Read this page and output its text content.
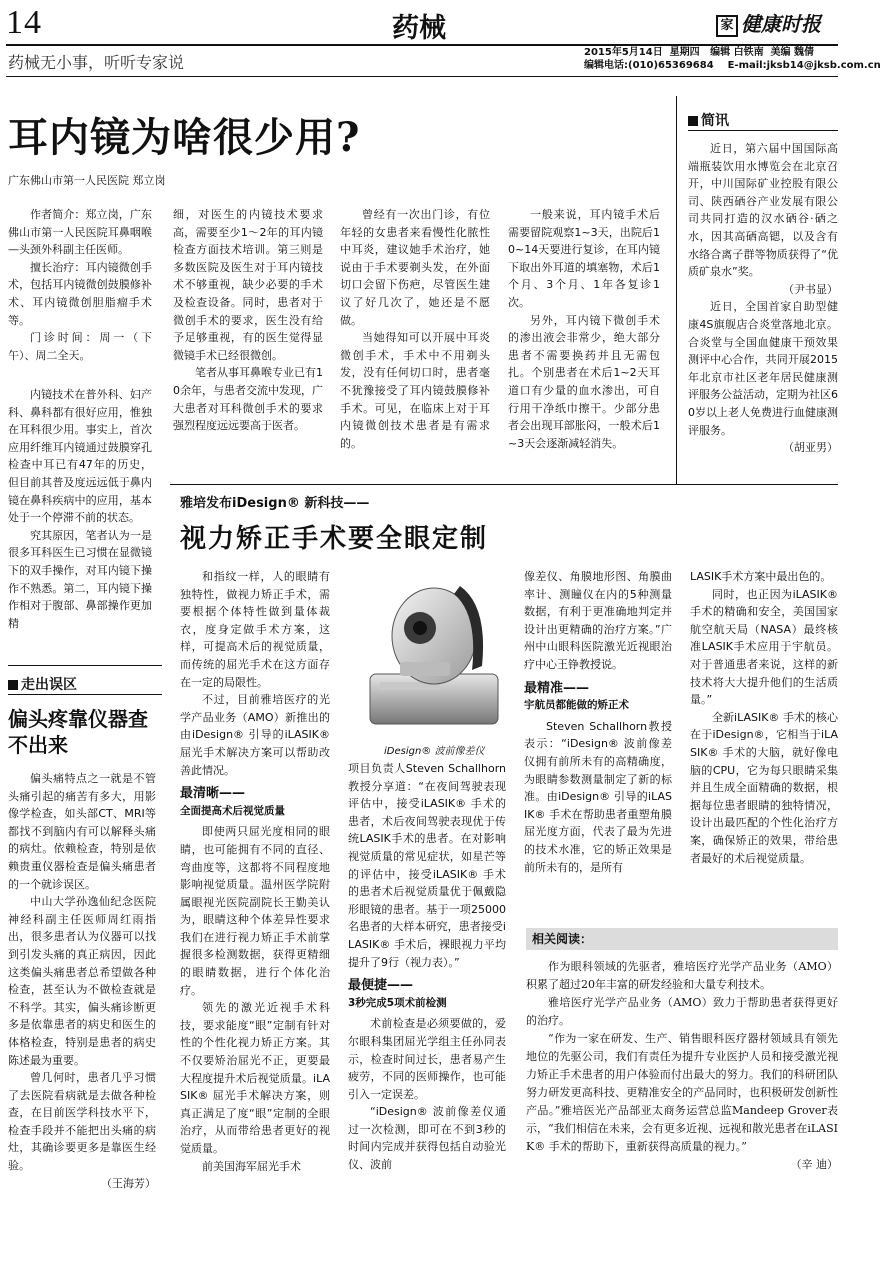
14	药械	家 健康时报
药械无小事，听听专家说
2015年5月14日  星期四   编辑 白铁南  美编 魏倩
编辑电话:(010)65369684    E-mail:jksb14@jksb.com.cn
耳内镜为啥很少用?
广东佛山市第一人民医院 郑立岗

作者简介：郑立岗，广东佛山市第一人民医院耳鼻咽喉—头颈外科副主任医师。

擅长治疗：耳内镜微创手术，包括耳内镜微创鼓膜修补术、耳内镜微创胆脂瘤手术等。

门诊时间：周一（下午）、周二全天。

内镜技术在普外科、妇产科、鼻科都有很好应用，惟独在耳科很少用。事实上，首次应用纤维耳内镜通过鼓膜穿孔检查中耳已有47年的历史，但目前其普及度远远低于鼻内镜在鼻科疾病中的应用，基本处于一个停滞不前的状态。

究其原因，笔者认为一是很多耳科医生已习惯在显微镜下的双手操作，对耳内镜下操作不熟悉。第二，耳内镜下操作相对于腹部、鼻部操作更加精

细，对医生的内镜技术要求高，需要至少1～2年的耳内镜检查方面技术培训。第三则是多数医院及医生对于耳内镜技术不够重视，缺少必要的手术及检查设备。同时，患者对于微创手术的要求，医生没有给予足够重视，有的医生觉得显微镜手术已经很微创。

笔者从事耳鼻喉专业已有10余年，与患者交流中发现，广大患者对耳科微创手术的要求强烈程度远远要高于医者。

曾经有一次出门诊，有位年轻的女患者来看慢性化脓性中耳炎，建议她手术治疗，她说由于手术要剃头发，在外面切口会留下伤疤，尽管医生建议了好几次了，她还是不愿做。

当她得知可以开展中耳炎微创手术，手术中不用剃头发，没有任何切口时，患者毫不犹豫接受了耳内镜鼓膜修补手术。可见，在临床上对于耳内镜微创技术患者是有需求的。

一般来说，耳内镜手术后需要留院观察1~3天，出院后10~14天要进行复诊，在耳内镜下取出外耳道的填塞物，术后1个月、3个月、1年各复诊1次。

另外，耳内镜下微创手术的渗出液会非常少，绝大部分患者不需要换药并且无需包扎。个别患者在术后1~2天耳道口有少量的血水渗出，可自行用干净纸巾擦干。少部分患者会出现耳部胀闷，一般术后1~3天会逐渐减轻消失。

简讯

近日，第六届中国国际高端瓶装饮用水博览会在北京召开，中川国际矿业控股有限公司、陕西硒谷产业发展有限公司共同打造的汉水硒谷·硒之水，因其高硒高锶，以及含有水络合离子群等物质获得了“优质矿泉水”奖。

（尹书显）

近日，全国首家自助型健康4S旗舰店合炎堂落地北京。合炎堂与全国血健康干预效果测评中心合作，共同开展2015年北京市社区老年居民健康测评服务公益活动，定期为社区60岁以上老人免费进行血健康测评服务。

（胡亚男）
走出误区
偏头疼靠仪器查不出来

偏头痛特点之一就是不管头痛引起的痛苦有多大，用影像学检查，如头部CT、MRI等都找不到脑内有可以解释头痛的病灶。依赖检查，特别是依赖贵重仪器检查是偏头痛患者的一个就诊误区。

中山大学孙逸仙纪念医院神经科副主任医师周红雨指出，很多患者认为仪器可以找到引发头痛的真正病因，因此这类偏头痛患者总希望做各种检查，甚至认为不做检查就是不科学。其实，偏头痛诊断更多是依靠患者的病史和医生的体格检查，特别是患者的病史陈述最为重要。

曾几何时，患者几乎习惯了去医院看病就是去做各种检查，在目前医学科技水平下，检查手段并不能把出头痛的病灶，其确诊要更多是靠医生经验。

（王海芳）
雅培发布iDesign® 新科技——
视力矫正手术要全眼定制

和指纹一样，人的眼睛有独特性，做视力矫正手术，需要根据个体特性做到量体裁衣，度身定做手术方案，这样，可提高术后的视觉质量，而传统的屈光手术在这方面存在一定的局限性。

不过，目前雅培医疗的光学产品业务（AMO）新推出的由iDesign® 引导的iLASIK® 屈光手术解决方案可以帮助改善此情况。

最清晰——
全面提高术后视觉质量

即使两只屈光度相同的眼睛，也可能拥有不同的直径、弯曲度等，这都将不同程度地影响视觉质量。温州医学院附属眼视光医院副院长王勤美认为，眼睛这种个体差异性要求我们在进行视力矫正手术前掌握很多检测数据，获得更精细的眼睛数据，进行个体化治疗。

领先的激光近视手术科技，要求能度“眼”定制有针对性的个性化视力矫正方案。其不仅要矫治屈光不正，更要最大程度提升术后视觉质量。iLASIK® 屈光手术解决方案，则真正满足了度“眼”定制的全眼治疗，从而带给患者更好的视觉质量。

前美国海军屈光手术

iDesign® 波前像差仪

项目负责人Steven Schallhorn教授分享道：“在夜间驾驶表现评估中，接受iLASIK® 手术的患者，术后夜间驾驶表现优于传统LASIK手术的患者。在对影响视觉质量的常见症状，如星芒等的评估中，接受iLASIK® 手术的患者术后视觉质量优于佩戴隐形眼镜的患者。基于一项25000名患者的大样本研究，患者接受iLASIK® 手术后，裸眼视力平均提升了9行（视力表）。”

最便捷——
3秒完成5项术前检测

术前检查是必须要做的，爱尔眼科集团屈光学组主任孙同表示，检查时间过长，患者易产生疲劳，不同的医师操作，也可能引入一定误差。

“iDesign® 波前像差仪通过一次检测，即可在不到3秒的时间内完成并获得包括自动验光仪、波前

像差仪、角膜地形图、角膜曲率计、测瞳仪在内的5种测量数据，有利于更准确地判定并设计出更精确的治疗方案。”广州中山眼科医院激光近视眼治疗中心王铮教授说。

最精准——
宇航员都能做的矫正术

Steven Schallhorn教授表示：“iDesign® 波前像差仪拥有前所未有的高精确度，为眼睛参数测量制定了新的标准。由iDesign® 引导的iLASIK® 手术在帮助患者重塑角膜屈光度方面，代表了最为先进的技术水准，它的矫正效果是前所未有的，是所有

LASIK手术方案中最出色的。

同时，也正因为iLASIK® 手术的精确和安全，美国国家航空航天局（NASA）最终核准LASIK手术应用于宇航员。对于普通患者来说，这样的新技术将大大提升他们的生活质量。”

全新iLASIK® 手术的核心在于iDesign®，它相当于iLASIK® 手术的大脑，就好像电脑的CPU，它为每只眼睛采集并且生成全面精确的数据，根据每位患者眼睛的独特情况，设计出最匹配的个性化治疗方案，确保矫正的效果，带给患者最好的术后视觉质量。

相关阅读：

作为眼科领域的先驱者，雅培医疗光学产品业务（AMO）积累了超过20年丰富的研发经验和大量专利技术。

雅培医疗光学产品业务（AMO）致力于帮助患者获得更好的治疗。

“作为一家在研发、生产、销售眼科医疗器材领域具有领先地位的先驱公司，我们有责任为提升专业医护人员和接受激光视力矫正手术患者的用户体验而付出最大的努力。我们的科研团队努力研发更高科技、更精准安全的产品同时，也积极研发创新性产品。”雅培医光产品部亚太商务运营总监Mandeep Grover表示，“我们相信在未来，会有更多近视、远视和散光患者在iLASIK® 手术的帮助下，重新获得高质量的视力。”

（辛 迪）
